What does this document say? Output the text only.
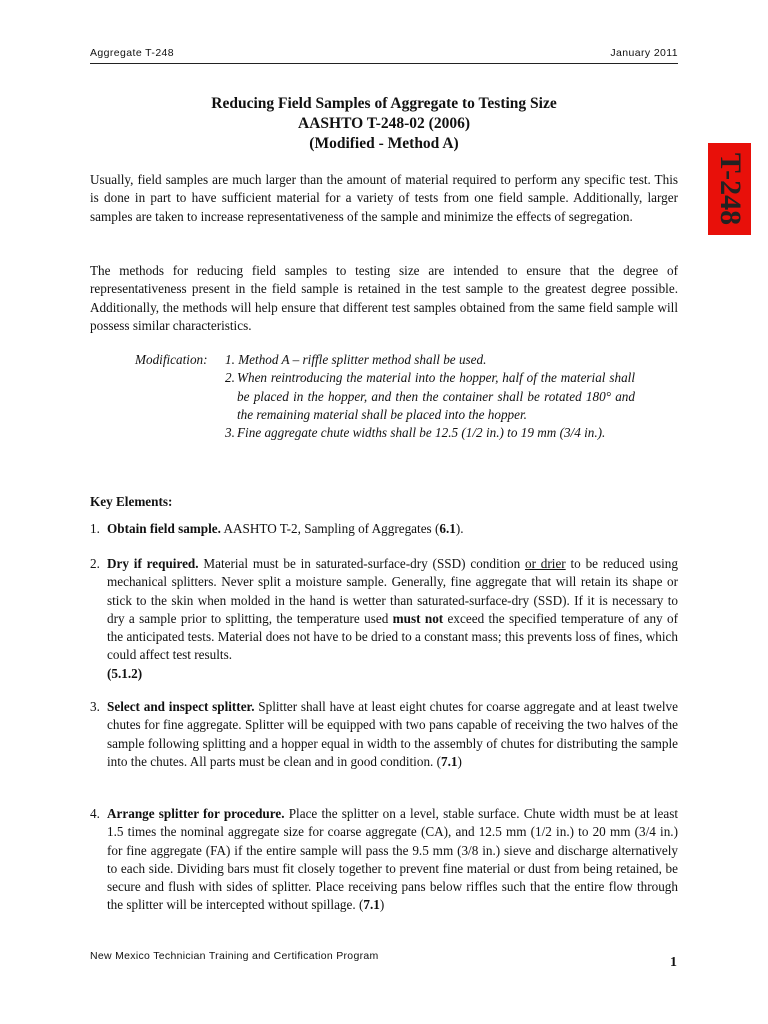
Aggregate T-248	January 2011
T-248
Reducing Field Samples of Aggregate to Testing Size
AASHTO T-248-02 (2006)
(Modified - Method A)

Usually, field samples are much larger than the amount of material required to perform any specific test. This is done in part to have sufficient material for a variety of tests from one field sample. Additionally, larger samples are taken to increase representativeness of the sample and minimize the effects of segregation.

The methods for reducing field samples to testing size are intended to ensure that the degree of representativeness present in the field sample is retained in the test sample to the greatest degree possible. Additionally, the methods will help ensure that different test samples obtained from the same field sample will possess similar characteristics.

Modification:	1. Method A – riffle splitter method shall be used.
2. When reintroducing the material into the hopper, half of the material shall be placed in the hopper, and then the container shall be rotated 180° and the remaining material shall be placed into the hopper.
3. Fine aggregate chute widths shall be 12.5 (1/2 in.) to 19 mm (3/4 in.).
Key Elements:
1. Obtain field sample. AASHTO T-2, Sampling of Aggregates (6.1).
2. Dry if required. Material must be in saturated-surface-dry (SSD) condition or drier to be reduced using mechanical splitters. Never split a moisture sample. Generally, fine aggregate that will retain its shape or stick to the skin when molded in the hand is wetter than saturated-surface-dry (SSD). If it is necessary to dry a sample prior to splitting, the temperature used must not exceed the specified temperature of any of the anticipated tests. Material does not have to be dried to a constant mass; this prevents loss of fines, which could affect test results.
(5.1.2)
3. Select and inspect splitter. Splitter shall have at least eight chutes for coarse aggregate and at least twelve chutes for fine aggregate. Splitter will be equipped with two pans capable of receiving the two halves of the sample following splitting and a hopper equal in width to the assembly of chutes for distributing the sample into the chutes. All parts must be clean and in good condition. (7.1)
4. Arrange splitter for procedure. Place the splitter on a level, stable surface. Chute width must be at least 1.5 times the nominal aggregate size for coarse aggregate (CA), and 12.5 mm (1/2 in.) to 20 mm (3/4 in.) for fine aggregate (FA) if the entire sample will pass the 9.5 mm (3/8 in.) sieve and discharge alternatively to each side. Dividing bars must fit closely together to prevent fine material or dust from being retained, be secure and flush with sides of splitter. Place receiving pans below riffles such that the entire flow through the splitter will be intercepted without spillage. (7.1)
New Mexico Technician Training and Certification Program	1
